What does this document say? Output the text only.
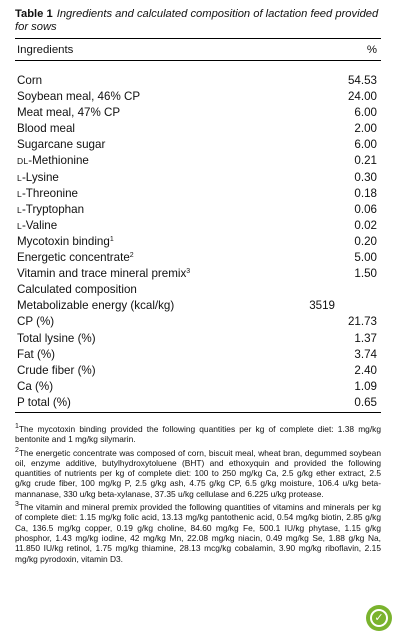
Table 1 Ingredients and calculated composition of lactation feed provided for sows
Ingredients	%
Corn	54.53
Soybean meal, 46% CP	24.00
Meat meal, 47% CP	6.00
Blood meal	2.00
Sugarcane sugar	6.00
DL-Methionine	0.21
L-Lysine	0.30
L-Threonine	0.18
L-Tryptophan	0.06
L-Valine	0.02
Mycotoxin binding$^1$	0.20
Energetic concentrate$^2$	5.00
Vitamin and trace mineral premix$^3$	1.50
Calculated composition
Metabolizable energy (kcal/kg)	3519
CP (%)	21.73
Total lysine (%)	1.37
Fat (%)	3.74
Crude fiber (%)	2.40
Ca (%)	1.09
P total (%)	0.65

$^1$The mycotoxin binding provided the following quantities per kg of complete diet: 1.38 mg/kg bentonite and 1 mg/kg silymarin.

$^2$The energetic concentrate was composed of corn, biscuit meal, wheat bran, degummed soybean oil, enzyme additive, butylhydroxytoluene (BHT) and ethoxyquin and provided the following quantities of nutrients per kg of complete diet: 100 to 250 mg/kg Ca, 2.5 g/kg ether extract, 2.5 g/kg crude fiber, 100 mg/kg P, 2.5 g/kg ash, 4.75 g/kg CP, 6.5 g/kg moisture, 106.4 u/kg beta-mannanase, 330 u/kg beta-xylanase, 37.35 u/kg cellulase and 6.225 u/kg protease.

$^3$The vitamin and mineral premix provided the following quantities of vitamins and minerals per kg of complete diet: 1.15 mg/kg folic acid, 13.13 mg/kg pantothenic acid, 0.54 mg/kg biotin, 2.85 g/kg Ca, 136.5 mg/kg copper, 0.19 g/kg choline, 84.60 mg/kg Fe, 500.1 IU/kg phytase, 1.15 g/kg phosphor, 1.43 mg/kg iodine, 42 mg/kg Mn, 22.08 mg/kg niacin, 0.49 mg/kg Se, 1.88 g/kg Na, 11.850 IU/kg retinol, 1.75 mg/kg thiamine, 28.13 mcg/kg cobalamin, 3.90 mg/kg riboflavin, 2.15 mg/kg pyrodoxin, vitamin D3.

✓
